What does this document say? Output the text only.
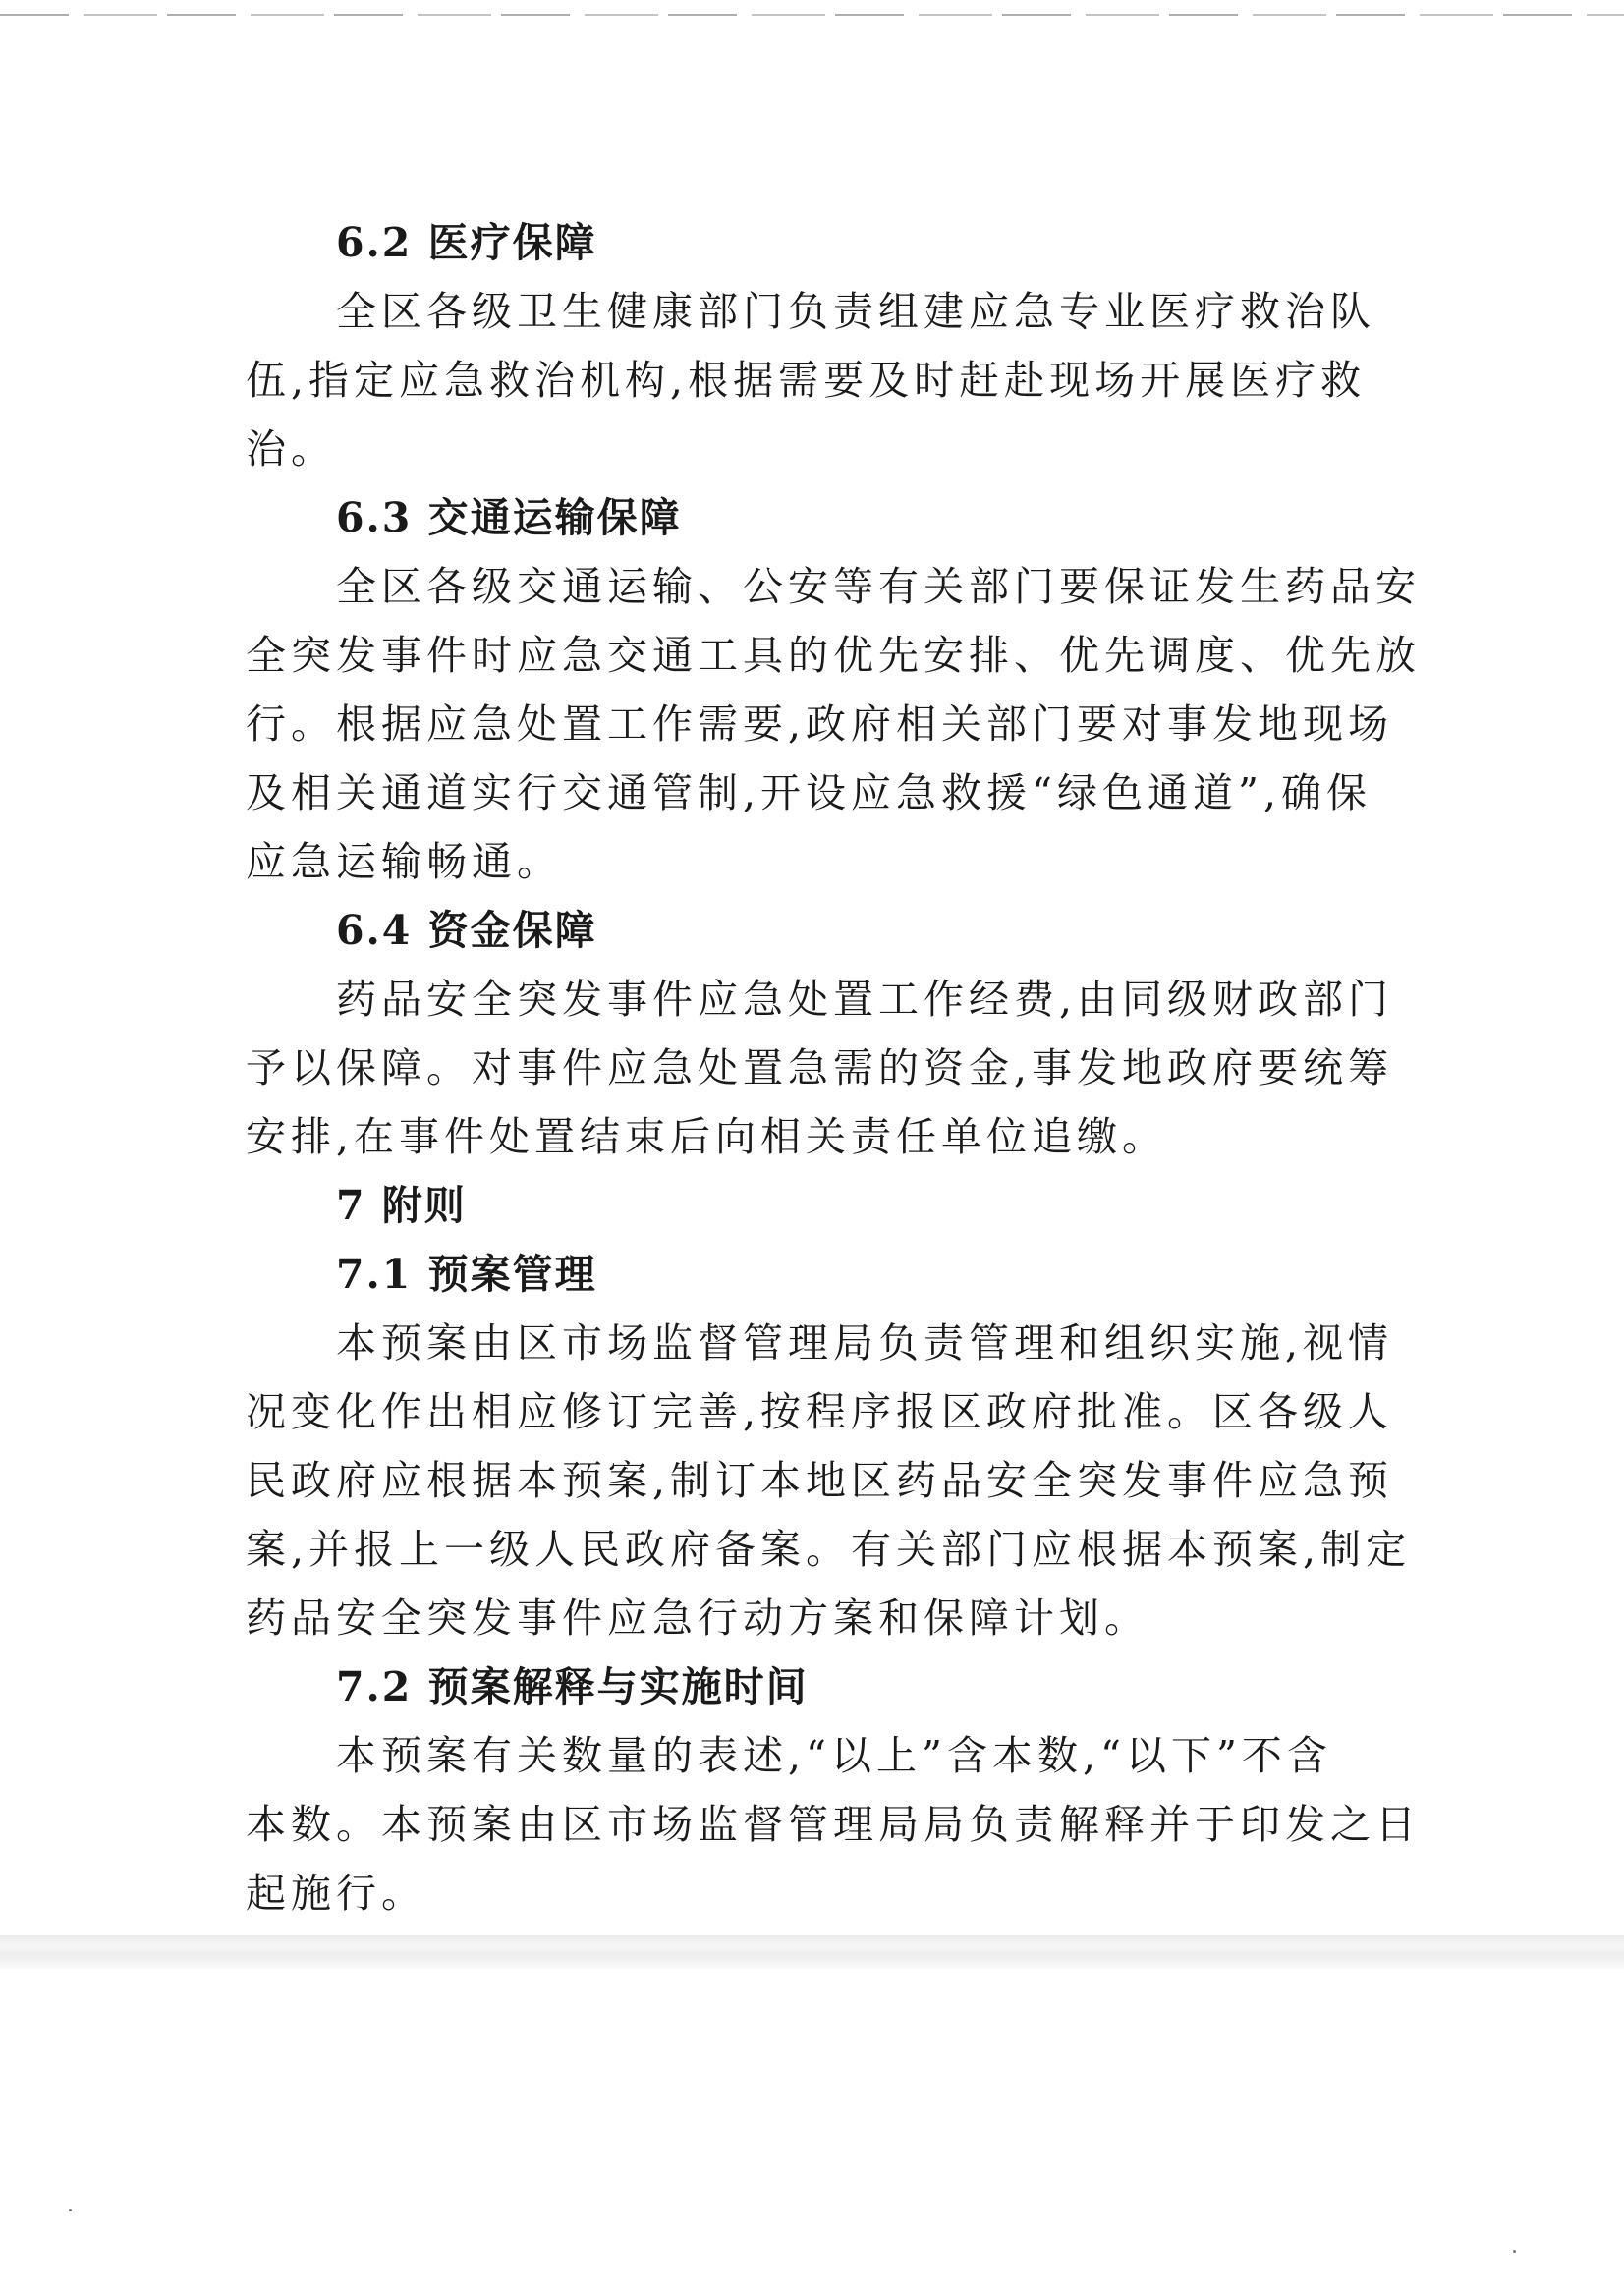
6.2 医疗保障

全区各级卫生健康部门负责组建应急专业医疗救治队
伍,指定应急救治机构,根据需要及时赶赴现场开展医疗救
治。

6.3 交通运输保障

全区各级交通运输、公安等有关部门要保证发生药品安
全突发事件时应急交通工具的优先安排、优先调度、优先放
行。根据应急处置工作需要,政府相关部门要对事发地现场
及相关通道实行交通管制,开设应急救援“绿色通道”,确保
应急运输畅通。

6.4 资金保障

药品安全突发事件应急处置工作经费,由同级财政部门
予以保障。对事件应急处置急需的资金,事发地政府要统筹
安排,在事件处置结束后向相关责任单位追缴。

7 附则
7.1 预案管理

本预案由区市场监督管理局负责管理和组织实施,视情
况变化作出相应修订完善,按程序报区政府批准。区各级人
民政府应根据本预案,制订本地区药品安全突发事件应急预
案,并报上一级人民政府备案。有关部门应根据本预案,制定
药品安全突发事件应急行动方案和保障计划。

7.2 预案解释与实施时间

本预案有关数量的表述,“以上”含本数,“以下”不含
本数。本预案由区市场监督管理局局负责解释并于印发之日
起施行。
